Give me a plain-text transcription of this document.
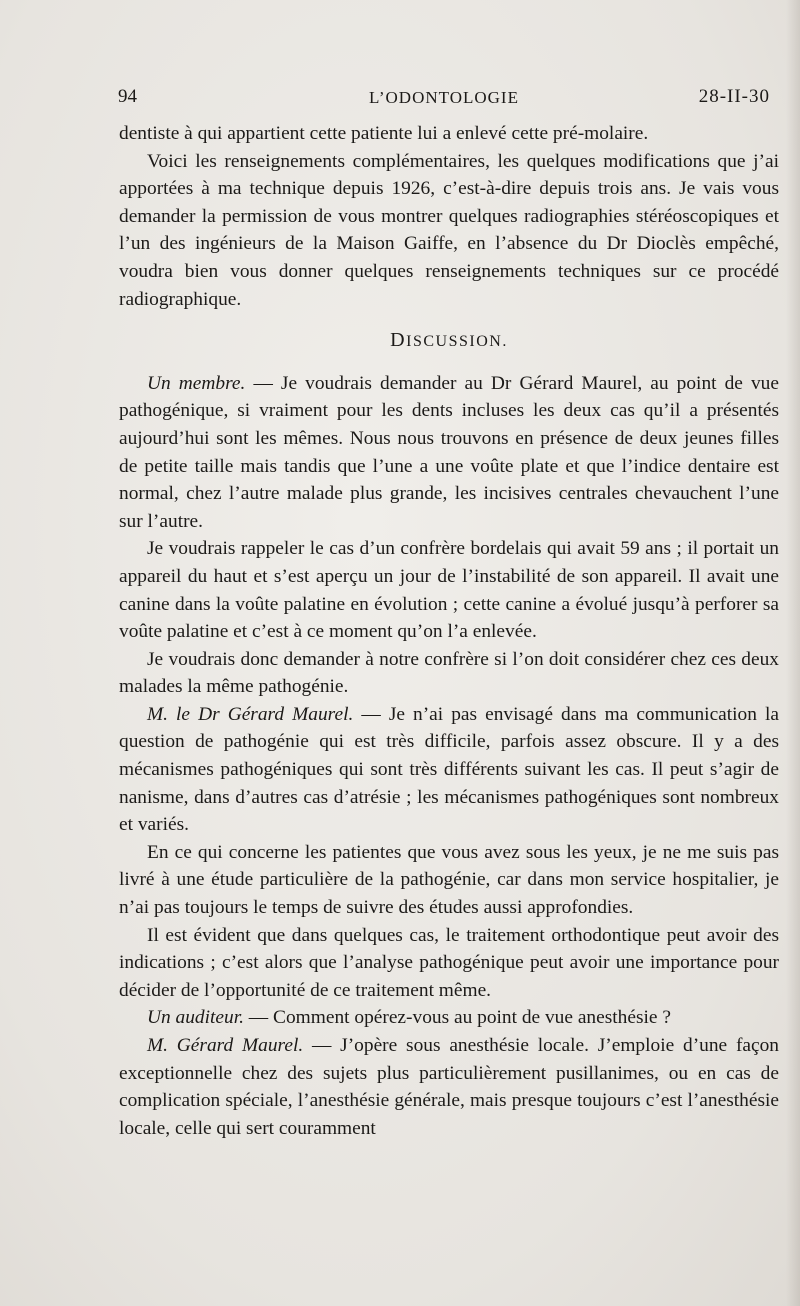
94	L’ODONTOLOGIE	28-II-30

dentiste à qui appartient cette patiente lui a enlevé cette pré-molaire.

Voici les renseignements complémentaires, les quelques modifications que j’ai apportées à ma technique depuis 1926, c’est-à-dire depuis trois ans. Je vais vous demander la permission de vous montrer quelques radiographies stéréoscopiques et l’un des ingénieurs de la Maison Gaiffe, en l’absence du Dr Dioclès empêché, voudra bien vous donner quelques renseignements techniques sur ce procédé radiographique.

DISCUSSION.

Un membre. — Je voudrais demander au Dr Gérard Maurel, au point de vue pathogénique, si vraiment pour les dents incluses les deux cas qu’il a présentés aujourd’hui sont les mêmes. Nous nous trouvons en présence de deux jeunes filles de petite taille mais tandis que l’une a une voûte plate et que l’indice dentaire est normal, chez l’autre malade plus grande, les incisives centrales chevauchent l’une sur l’autre.

Je voudrais rappeler le cas d’un confrère bordelais qui avait 59 ans ; il portait un appareil du haut et s’est aperçu un jour de l’instabilité de son appareil. Il avait une canine dans la voûte palatine en évolution ; cette canine a évolué jusqu’à perforer sa voûte palatine et c’est à ce moment qu’on l’a enlevée.

Je voudrais donc demander à notre confrère si l’on doit considérer chez ces deux malades la même pathogénie.

M. le Dr Gérard Maurel. — Je n’ai pas envisagé dans ma communication la question de pathogénie qui est très difficile, parfois assez obscure. Il y a des mécanismes pathogéniques qui sont très différents suivant les cas. Il peut s’agir de nanisme, dans d’autres cas d’atrésie ; les mécanismes pathogéniques sont nombreux et variés.

En ce qui concerne les patientes que vous avez sous les yeux, je ne me suis pas livré à une étude particulière de la pathogénie, car dans mon service hospitalier, je n’ai pas toujours le temps de suivre des études aussi approfondies.

Il est évident que dans quelques cas, le traitement orthodontique peut avoir des indications ; c’est alors que l’analyse pathogénique peut avoir une importance pour décider de l’opportunité de ce traitement même.

Un auditeur. — Comment opérez-vous au point de vue anesthésie ?

M. Gérard Maurel. — J’opère sous anesthésie locale. J’emploie d’une façon exceptionnelle chez des sujets plus particulièrement pusillanimes, ou en cas de complication spéciale, l’anesthésie générale, mais presque toujours c’est l’anesthésie locale, celle qui sert couramment
